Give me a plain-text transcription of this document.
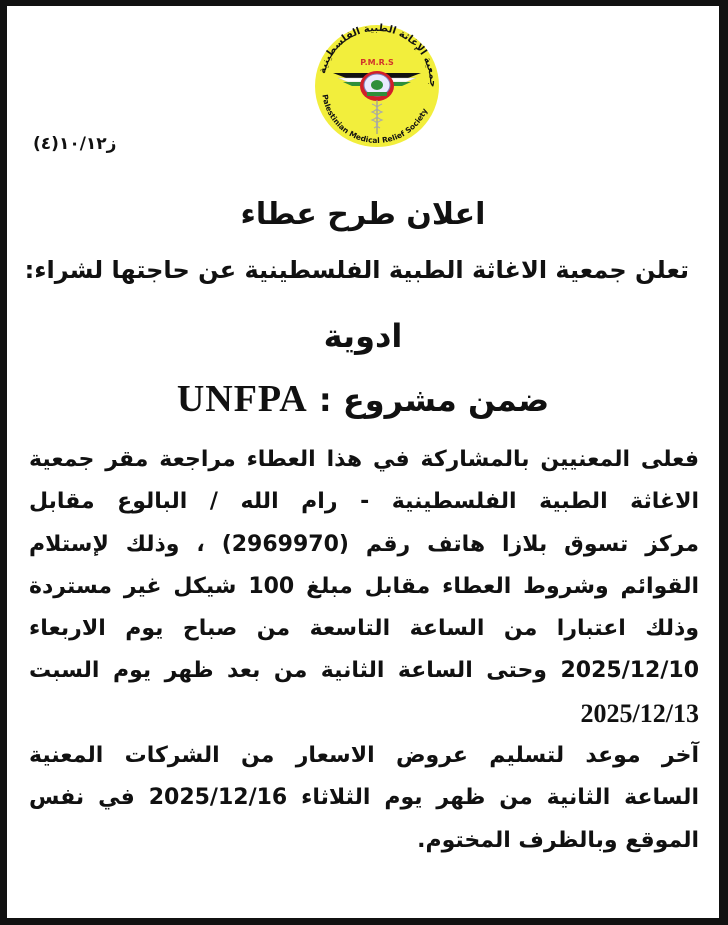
جمعية الإغاثة الطبية الفلسطينية
Palestinian Medical Relief Society
P.M.R.S
ز١٠/١٢(٤)
اعلان طرح عطاء
تعلن جمعية الاغاثة الطبية الفلسطينية عن حاجتها لشراء:
ادوية
ضمن مشروع : UNFPA
فعلى المعنيين بالمشاركة في هذا العطاء مراجعة مقر جمعية
الاغاثة الطبية الفلسطينية - رام الله / البالوع مقابل
مركز تسوق بلازا هاتف رقم (2969970) ، وذلك لإستلام
القوائم وشروط العطاء مقابل مبلغ 100 شيكل غير مستردة
وذلك اعتبارا من الساعة التاسعة من صباح يوم الاربعاء
2025/12/10 وحتى الساعة الثانية من بعد ظهر يوم السبت
2025/12/13
آخر موعد لتسليم عروض الاسعار من الشركات المعنية
الساعة الثانية من ظهر يوم الثلاثاء 2025/12/16 في نفس
الموقع وبالظرف المختوم.
